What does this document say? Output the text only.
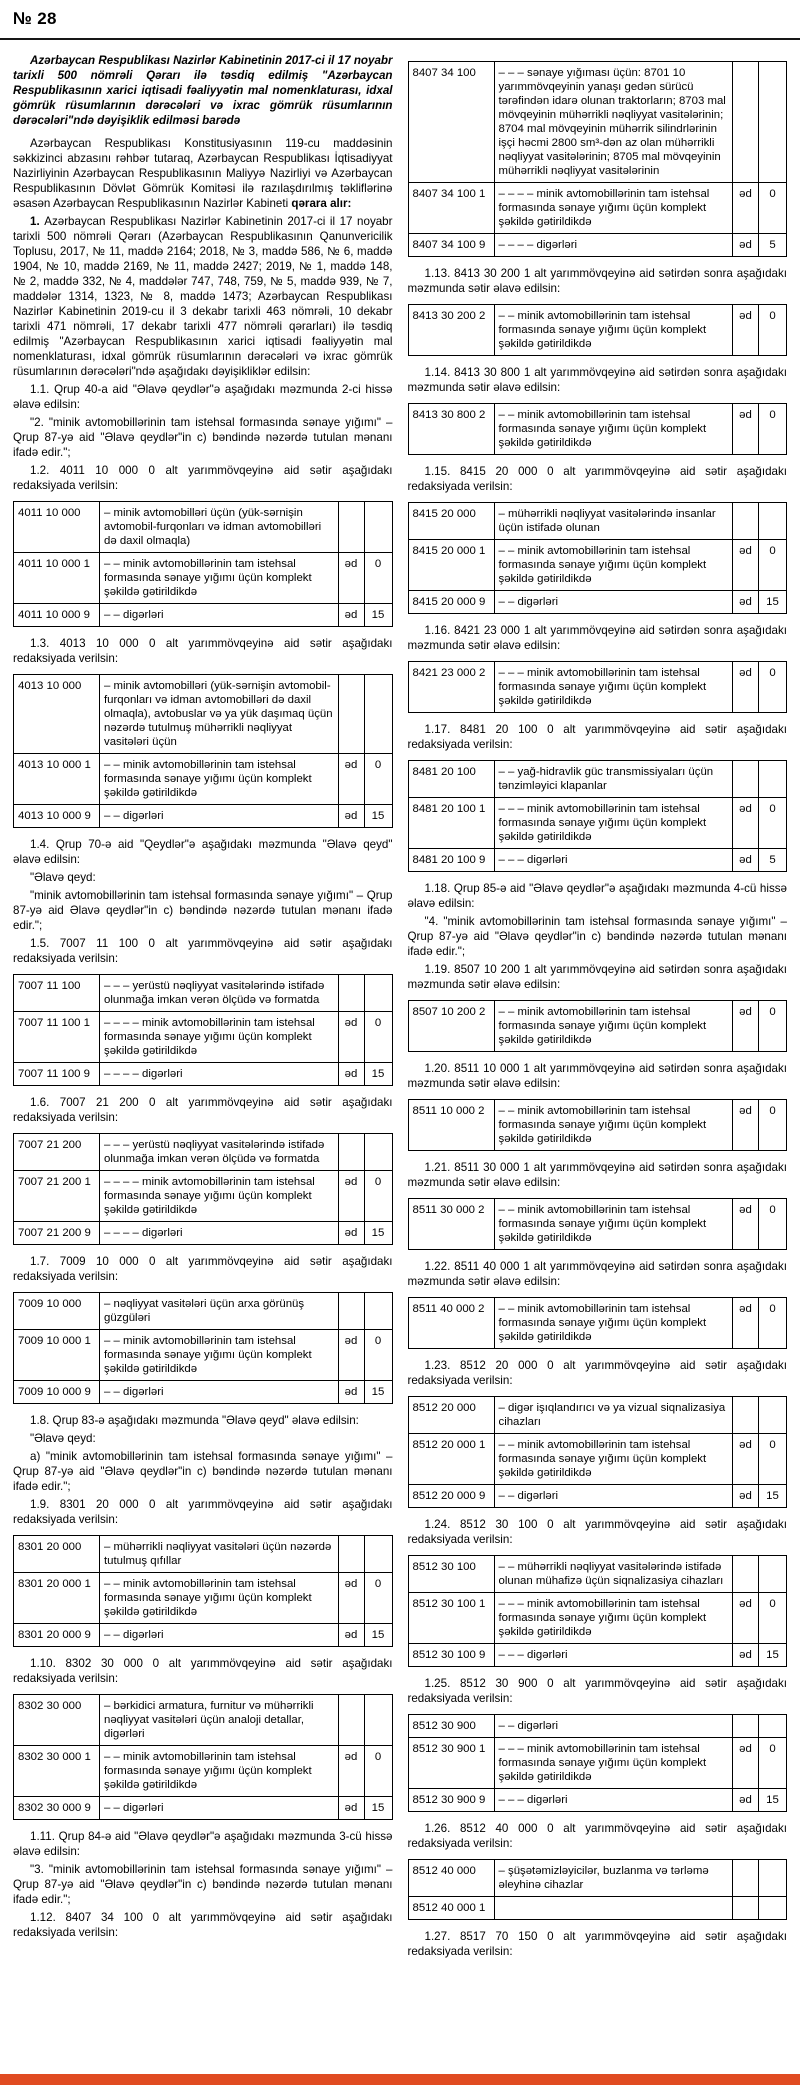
№ 28

Azərbaycan Respublikası Nazirlər Kabinetinin 2017-ci il 17 noyabr tarixli 500 nömrəli Qərarı ilə təsdiq edilmiş "Azərbaycan Respublikasının xarici iqtisadi fəaliyyətin mal nomenklaturası, idxal gömrük rüsumlarının dərəcələri və ixrac gömrük rüsumlarının dərəcələri"ndə dəyişiklik edilməsi barədə

Azərbaycan Respublikası Konstitusiyasının 119-cu maddəsinin səkkizinci abzasını rəhbər tutaraq, Azərbaycan Respublikası İqtisadiyyat Nazirliyinin Azərbaycan Respublikasının Maliyyə Nazirliyi və Azərbaycan Respublikasının Dövlət Gömrük Komitəsi ilə razılaşdırılmış təkliflərinə əsasən Azərbaycan Respublikasının Nazirlər Kabineti qərara alır:

1. Azərbaycan Respublikası Nazirlər Kabinetinin 2017-ci il 17 noyabr tarixli 500 nömrəli Qərarı (Azərbaycan Respublikasının Qanunvericilik Toplusu, 2017, № 11, maddə 2164; 2018, № 3, maddə 586, № 6, maddə 1904, № 10, maddə 2169, № 11, maddə 2427; 2019, № 1, maddə 148, № 2, maddə 332, № 4, maddələr 747, 748, 759, № 5, maddə 939, № 7, maddələr 1314, 1323, № 8, maddə 1473; Azərbaycan Respublikası Nazirlər Kabinetinin 2019-cu il 3 dekabr tarixli 463 nömrəli, 10 dekabr tarixli 471 nömrəli, 17 dekabr tarixli 477 nömrəli qərarları) ilə təsdiq edilmiş "Azərbaycan Respublikasının xarici iqtisadi fəaliyyətin mal nomenklaturası, idxal gömrük rüsumlarının dərəcələri və ixrac gömrük rüsumlarının dərəcələri"ndə aşağıdakı dəyişikliklər edilsin:

1.1. Qrup 40-a aid "Əlavə qeydlər"ə aşağıdakı məzmunda 2-ci hissə əlavə edilsin:

"2. "minik avtomobillərinin tam istehsal formasında sənaye yığımı" – Qrup 87-yə aid "Əlavə qeydlər"in c) bəndində nəzərdə tutulan mənanı ifadə edir.";

1.2. 4011 10 000 0 alt yarımmövqeyinə aid sətir aşağıdakı redaksiyada verilsin:

4011 10 000	– minik avtomobilləri üçün (yük-sərnişin avtomobil-furqonları və idman avtomobilləri də daxil olmaqla)		
4011 10 000 1	– – minik avtomobillərinin tam istehsal formasında sənaye yığımı üçün komplekt şəkildə gətirildikdə	əd	0
4011 10 000 9	– – digərləri	əd	15

1.3. 4013 10 000 0 alt yarımmövqeyinə aid sətir aşağıdakı redaksiyada verilsin:

4013 10 000	– minik avtomobilləri (yük-sərnişin avtomobil-furqonları və idman avtomobilləri də daxil olmaqla), avtobuslar və ya yük daşımaq üçün nəzərdə tutulmuş mühərrikli nəqliyyat vasitələri üçün		
4013 10 000 1	– – minik avtomobillərinin tam istehsal formasında sənaye yığımı üçün komplekt şəkildə gətirildikdə	əd	0
4013 10 000 9	– – digərləri	əd	15

1.4. Qrup 70-ə aid "Qeydlər"ə aşağıdakı məzmunda "Əlavə qeyd" əlavə edilsin:

"Əlavə qeyd:

"minik avtomobillərinin tam istehsal formasında sənaye yığımı" – Qrup 87-yə aid Əlavə qeydlər"in c) bəndində nəzərdə tutulan mənanı ifadə edir.";

1.5. 7007 11 100 0 alt yarımmövqeyinə aid sətir aşağıdakı redaksiyada verilsin:

7007 11 100	– – – yerüstü nəqliyyat vasitələrində istifadə olunmağa imkan verən ölçüdə və formatda		
7007 11 100 1	– – – – minik avtomobillərinin tam istehsal formasında sənaye yığımı üçün komplekt şəkildə gətirildikdə	əd	0
7007 11 100 9	– – – – digərləri	əd	15

1.6. 7007 21 200 0 alt yarımmövqeyinə aid sətir aşağıdakı redaksiyada verilsin:

7007 21 200	– – – yerüstü nəqliyyat vasitələrində istifadə olunmağa imkan verən ölçüdə və formatda		
7007 21 200 1	– – – – minik avtomobillərinin tam istehsal formasında sənaye yığımı üçün komplekt şəkildə gətirildikdə	əd	0
7007 21 200 9	– – – – digərləri	əd	15

1.7. 7009 10 000 0 alt yarımmövqeyinə aid sətir aşağıdakı redaksiyada verilsin:

7009 10 000	– nəqliyyat vasitələri üçün arxa görünüş güzgüləri		
7009 10 000 1	– – minik avtomobillərinin tam istehsal formasında sənaye yığımı üçün komplekt şəkildə gətirildikdə	əd	0
7009 10 000 9	– – digərləri	əd	15

1.8. Qrup 83-ə aşağıdakı məzmunda "Əlavə qeyd" əlavə edilsin:

"Əlavə qeyd:

a) "minik avtomobillərinin tam istehsal formasında sənaye yığımı" – Qrup 87-yə aid "Əlavə qeydlər"in c) bəndində nəzərdə tutulan mənanı ifadə edir.";

1.9. 8301 20 000 0 alt yarımmövqeyinə aid sətir aşağıdakı redaksiyada verilsin:

8301 20 000	– mühərrikli nəqliyyat vasitələri üçün nəzərdə tutulmuş qıfıllar		
8301 20 000 1	– – minik avtomobillərinin tam istehsal formasında sənaye yığımı üçün komplekt şəkildə gətirildikdə	əd	0
8301 20 000 9	– – digərləri	əd	15

1.10. 8302 30 000 0 alt yarımmövqeyinə aid sətir aşağıdakı redaksiyada verilsin:

8302 30 000	– bərkidici armatura, furnitur və mühərrikli nəqliyyat vasitələri üçün analoji detallar, digərləri		
8302 30 000 1	– – minik avtomobillərinin tam istehsal formasında sənaye yığımı üçün komplekt şəkildə gətirildikdə	əd	0
8302 30 000 9	– – digərləri	əd	15

1.11. Qrup 84-ə aid "Əlavə qeydlər"ə aşağıdakı məzmunda 3-cü hissə əlavə edilsin:

"3. "minik avtomobillərinin tam istehsal formasında sənaye yığımı" – Qrup 87-yə aid "Əlavə qeydlər"in c) bəndində nəzərdə tutulan mənanı ifadə edir.";

1.12. 8407 34 100 0 alt yarımmövqeyinə aid sətir aşağıdakı redaksiyada verilsin:

8407 34 100	– – – sənaye yığıması üçün: 8701 10 yarımmövqeyinin yanaşı gedən sürücü tərəfindən idarə olunan traktorların; 8703 mal mövqeyinin mühərrikli nəqliyyat vasitələrinin; 8704 mal mövqeyinin mühərrik silindrlərinin işçi həcmi 2800 sm³-dən az olan mühərrikli nəqliyyat vasitələrinin; 8705 mal mövqeyinin mühərrikli nəqliyyat vasitələrinin		
8407 34 100 1	– – – – minik avtomobillərinin tam istehsal formasında sənaye yığımı üçün komplekt şəkildə gətirildikdə	əd	0
8407 34 100 9	– – – – digərləri	əd	5

1.13. 8413 30 200 1 alt yarımmövqeyinə aid sətirdən sonra aşağıdakı məzmunda sətir əlavə edilsin:

8413 30 200 2	– – minik avtomobillərinin tam istehsal formasında sənaye yığımı üçün komplekt şəkildə gətirildikdə	əd	0

1.14. 8413 30 800 1 alt yarımmövqeyinə aid sətirdən sonra aşağıdakı məzmunda sətir əlavə edilsin:

8413 30 800 2	– – minik avtomobillərinin tam istehsal formasında sənaye yığımı üçün komplekt şəkildə gətirildikdə	əd	0

1.15. 8415 20 000 0 alt yarımmövqeyinə aid sətir aşağıdakı redaksiyada verilsin:

8415 20 000	– mühərrikli nəqliyyat vasitələrində insanlar üçün istifadə olunan		
8415 20 000 1	– – minik avtomobillərinin tam istehsal formasında sənaye yığımı üçün komplekt şəkildə gətirildikdə	əd	0
8415 20 000 9	– – digərləri	əd	15

1.16. 8421 23 000 1 alt yarımmövqeyinə aid sətirdən sonra aşağıdakı məzmunda sətir əlavə edilsin:

8421 23 000 2	– – – minik avtomobillərinin tam istehsal formasında sənaye yığımı üçün komplekt şəkildə gətirildikdə	əd	0

1.17. 8481 20 100 0 alt yarımmövqeyinə aid sətir aşağıdakı redaksiyada verilsin:

8481 20 100	– – yağ-hidravlik güc transmissiyaları üçün tənzimləyici klapanlar		
8481 20 100 1	– – – minik avtomobillərinin tam istehsal formasında sənaye yığımı üçün komplekt şəkildə gətirildikdə	əd	0
8481 20 100 9	– – – digərləri	əd	5

1.18. Qrup 85-ə aid "Əlavə qeydlər"ə aşağıdakı məzmunda 4-cü hissə əlavə edilsin:

"4. "minik avtomobillərinin tam istehsal formasında sənaye yığımı" – Qrup 87-yə aid "Əlavə qeydlər"in c) bəndində nəzərdə tutulan mənanı ifadə edir.";

1.19. 8507 10 200 1 alt yarımmövqeyinə aid sətirdən sonra aşağıdakı məzmunda sətir əlavə edilsin:

8507 10 200 2	– – minik avtomobillərinin tam istehsal formasında sənaye yığımı üçün komplekt şəkildə gətirildikdə	əd	0

1.20. 8511 10 000 1 alt yarımmövqeyinə aid sətirdən sonra aşağıdakı məzmunda sətir əlavə edilsin:

8511 10 000 2	– – minik avtomobillərinin tam istehsal formasında sənaye yığımı üçün komplekt şəkildə gətirildikdə	əd	0

1.21. 8511 30 000 1 alt yarımmövqeyinə aid sətirdən sonra aşağıdakı məzmunda sətir əlavə edilsin:

8511 30 000 2	– – minik avtomobillərinin tam istehsal formasında sənaye yığımı üçün komplekt şəkildə gətirildikdə	əd	0

1.22. 8511 40 000 1 alt yarımmövqeyinə aid sətirdən sonra aşağıdakı məzmunda sətir əlavə edilsin:

8511 40 000 2	– – minik avtomobillərinin tam istehsal formasında sənaye yığımı üçün komplekt şəkildə gətirildikdə	əd	0

1.23. 8512 20 000 0 alt yarımmövqeyinə aid sətir aşağıdakı redaksiyada verilsin:

8512 20 000	– digər işıqlandırıcı və ya vizual siqnalizasiya cihazları		
8512 20 000 1	– – minik avtomobillərinin tam istehsal formasında sənaye yığımı üçün komplekt şəkildə gətirildikdə	əd	0
8512 20 000 9	– – digərləri	əd	15

1.24. 8512 30 100 0 alt yarımmövqeyinə aid sətir aşağıdakı redaksiyada verilsin:

8512 30 100	– – mühərrikli nəqliyyat vasitələrində istifadə olunan mühafizə üçün siqnalizasiya cihazları		
8512 30 100 1	– – – minik avtomobillərinin tam istehsal formasında sənaye yığımı üçün komplekt şəkildə gətirildikdə	əd	0
8512 30 100 9	– – – digərləri	əd	15

1.25. 8512 30 900 0 alt yarımmövqeyinə aid sətir aşağıdakı redaksiyada verilsin:

8512 30 900	– – digərləri		
8512 30 900 1	– – – minik avtomobillərinin tam istehsal formasında sənaye yığımı üçün komplekt şəkildə gətirildikdə	əd	0
8512 30 900 9	– – – digərləri	əd	15

1.26. 8512 40 000 0 alt yarımmövqeyinə aid sətir aşağıdakı redaksiyada verilsin:

8512 40 000	– şüşətəmizləyicilər, buzlanma və tərləmə əleyhinə cihazlar		
8512 40 000 1			

1.27. 8517 70 150 0 alt yarımmövqeyinə aid sətir aşağıdakı redaksiyada verilsin:
